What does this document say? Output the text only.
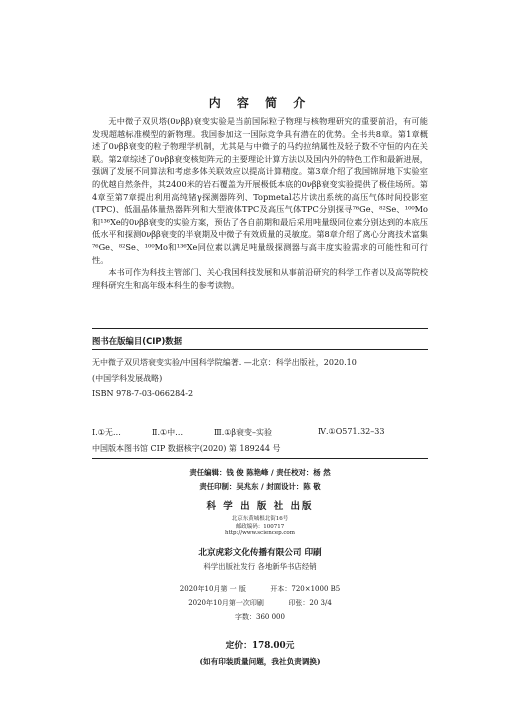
内 容 简 介

无中微子双贝塔(0νββ)衰变实验是当前国际粒子物理与核物理研究的重要前沿，有可能发现超越标准模型的新物理。我国参加这一国际竞争具有潜在的优势。全书共8章。第1章概述了0νββ衰变的粒子物理学机制，尤其是与中微子的马约拉纳属性及轻子数不守恒的内在关联。第2章综述了0νββ衰变核矩阵元的主要理论计算方法以及国内外的特色工作和最新进展，强调了发展不同算法和考虑多体关联效应以提高计算精度。第3章介绍了我国锦屏地下实验室的优越自然条件，其2400米的岩石覆盖为开展极低本底的0νββ衰变实验提供了极佳场所。第4章至第7章提出利用高纯锗γ探测器阵列、Topmetal芯片读出系统的高压气体时间投影室(TPC)、低温晶体量热器阵列和大型液体TPC及高压气体TPC分别探寻⁷⁶Ge、⁸²Se、¹⁰⁰Mo和¹³⁶Xe的0νββ衰变的实验方案，预估了各自前期和最后采用吨量级同位素分别达到的本底压低水平和探测0νββ衰变的半衰期及中微子有效质量的灵敏度。第8章介绍了离心分离技术富集⁷⁶Ge、⁸²Se、¹⁰⁰Mo和¹³⁶Xe同位素以满足吨量级探测器与高丰度实验需求的可能性和可行性。

本书可作为科技主管部门、关心我国科技发展和从事前沿研究的科学工作者以及高等院校理科研究生和高年级本科生的参考读物。

图书在版编目(CIP)数据
无中微子双贝塔衰变实验/中国科学院编著. —北京：科学出版社，2020.10
(中国学科发展战略)
ISBN 978-7-03-066284-2
Ⅰ.①无…	Ⅱ.①中…	Ⅲ.①β衰变–实验	Ⅳ.①O571.32–33
中国版本图书馆 CIP 数据核字(2020) 第 189244 号
责任编辑：钱 俊 陈艳峰 / 责任校对：杨 然
责任印制：吴兆东 / 封面设计：陈 敬
科 学 出 版 社 出版
北京东黄城根北街16号
邮政编码：100717
http://www.sciencep.com
北京虎彩文化传播有限公司 印刷
科学出版社发行 各地新华书店经销
2020年10月第 一 版	开本：720×1000 B5
2020年10月第一次印刷	印张：20 3/4
字数：360 000
定价：178.00元
(如有印装质量问题，我社负责调换)
